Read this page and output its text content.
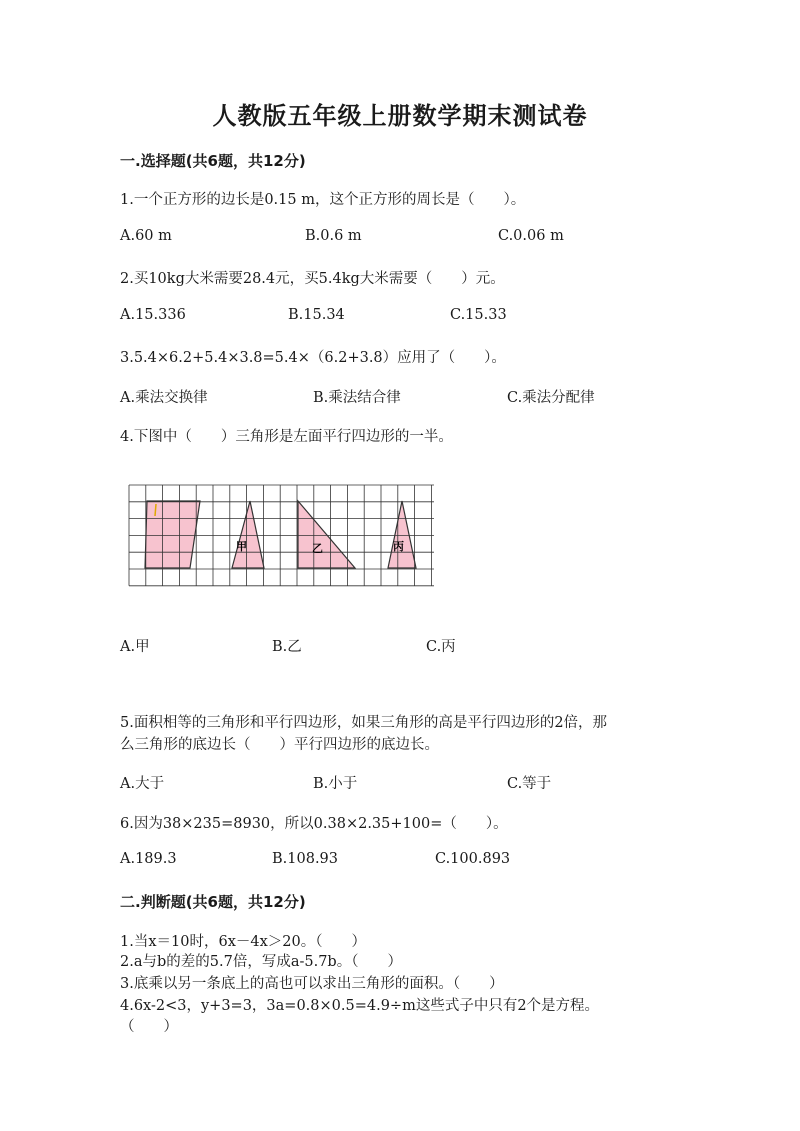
人教版五年级上册数学期末测试卷
一.选择题(共6题，共12分)
1.一个正方形的边长是0.15 m，这个正方形的周长是（　　）。
A.60 m	B.0.6 m	C.0.06 m
2.买10kg大米需要28.4元，买5.4kg大米需要（　　）元。
A.15.336	B.15.34	C.15.33
3.5.4×6.2+5.4×3.8=5.4×（6.2+3.8）应用了（　　）。
A.乘法交换律	B.乘法结合律	C.乘法分配律
4.下图中（　　）三角形是左面平行四边形的一半。
甲	乙	丙
A.甲	B.乙	C.丙
5.面积相等的三角形和平行四边形，如果三角形的高是平行四边形的2倍，那
么三角形的底边长（　　）平行四边形的底边长。
A.大于	B.小于	C.等于
6.因为38×235=8930，所以0.38×2.35+100=（　　）。
A.189.3	B.108.93	C.100.893
二.判断题(共6题，共12分)
1.当x＝10时，6x－4x＞20。（　　）
2.a与b的差的5.7倍，写成a-5.7b。（　　）
3.底乘以另一条底上的高也可以求出三角形的面积。（　　）
4.6x-2<3，y+3=3，3a=0.8×0.5=4.9÷m这些式子中只有2个是方程。
（　　）
